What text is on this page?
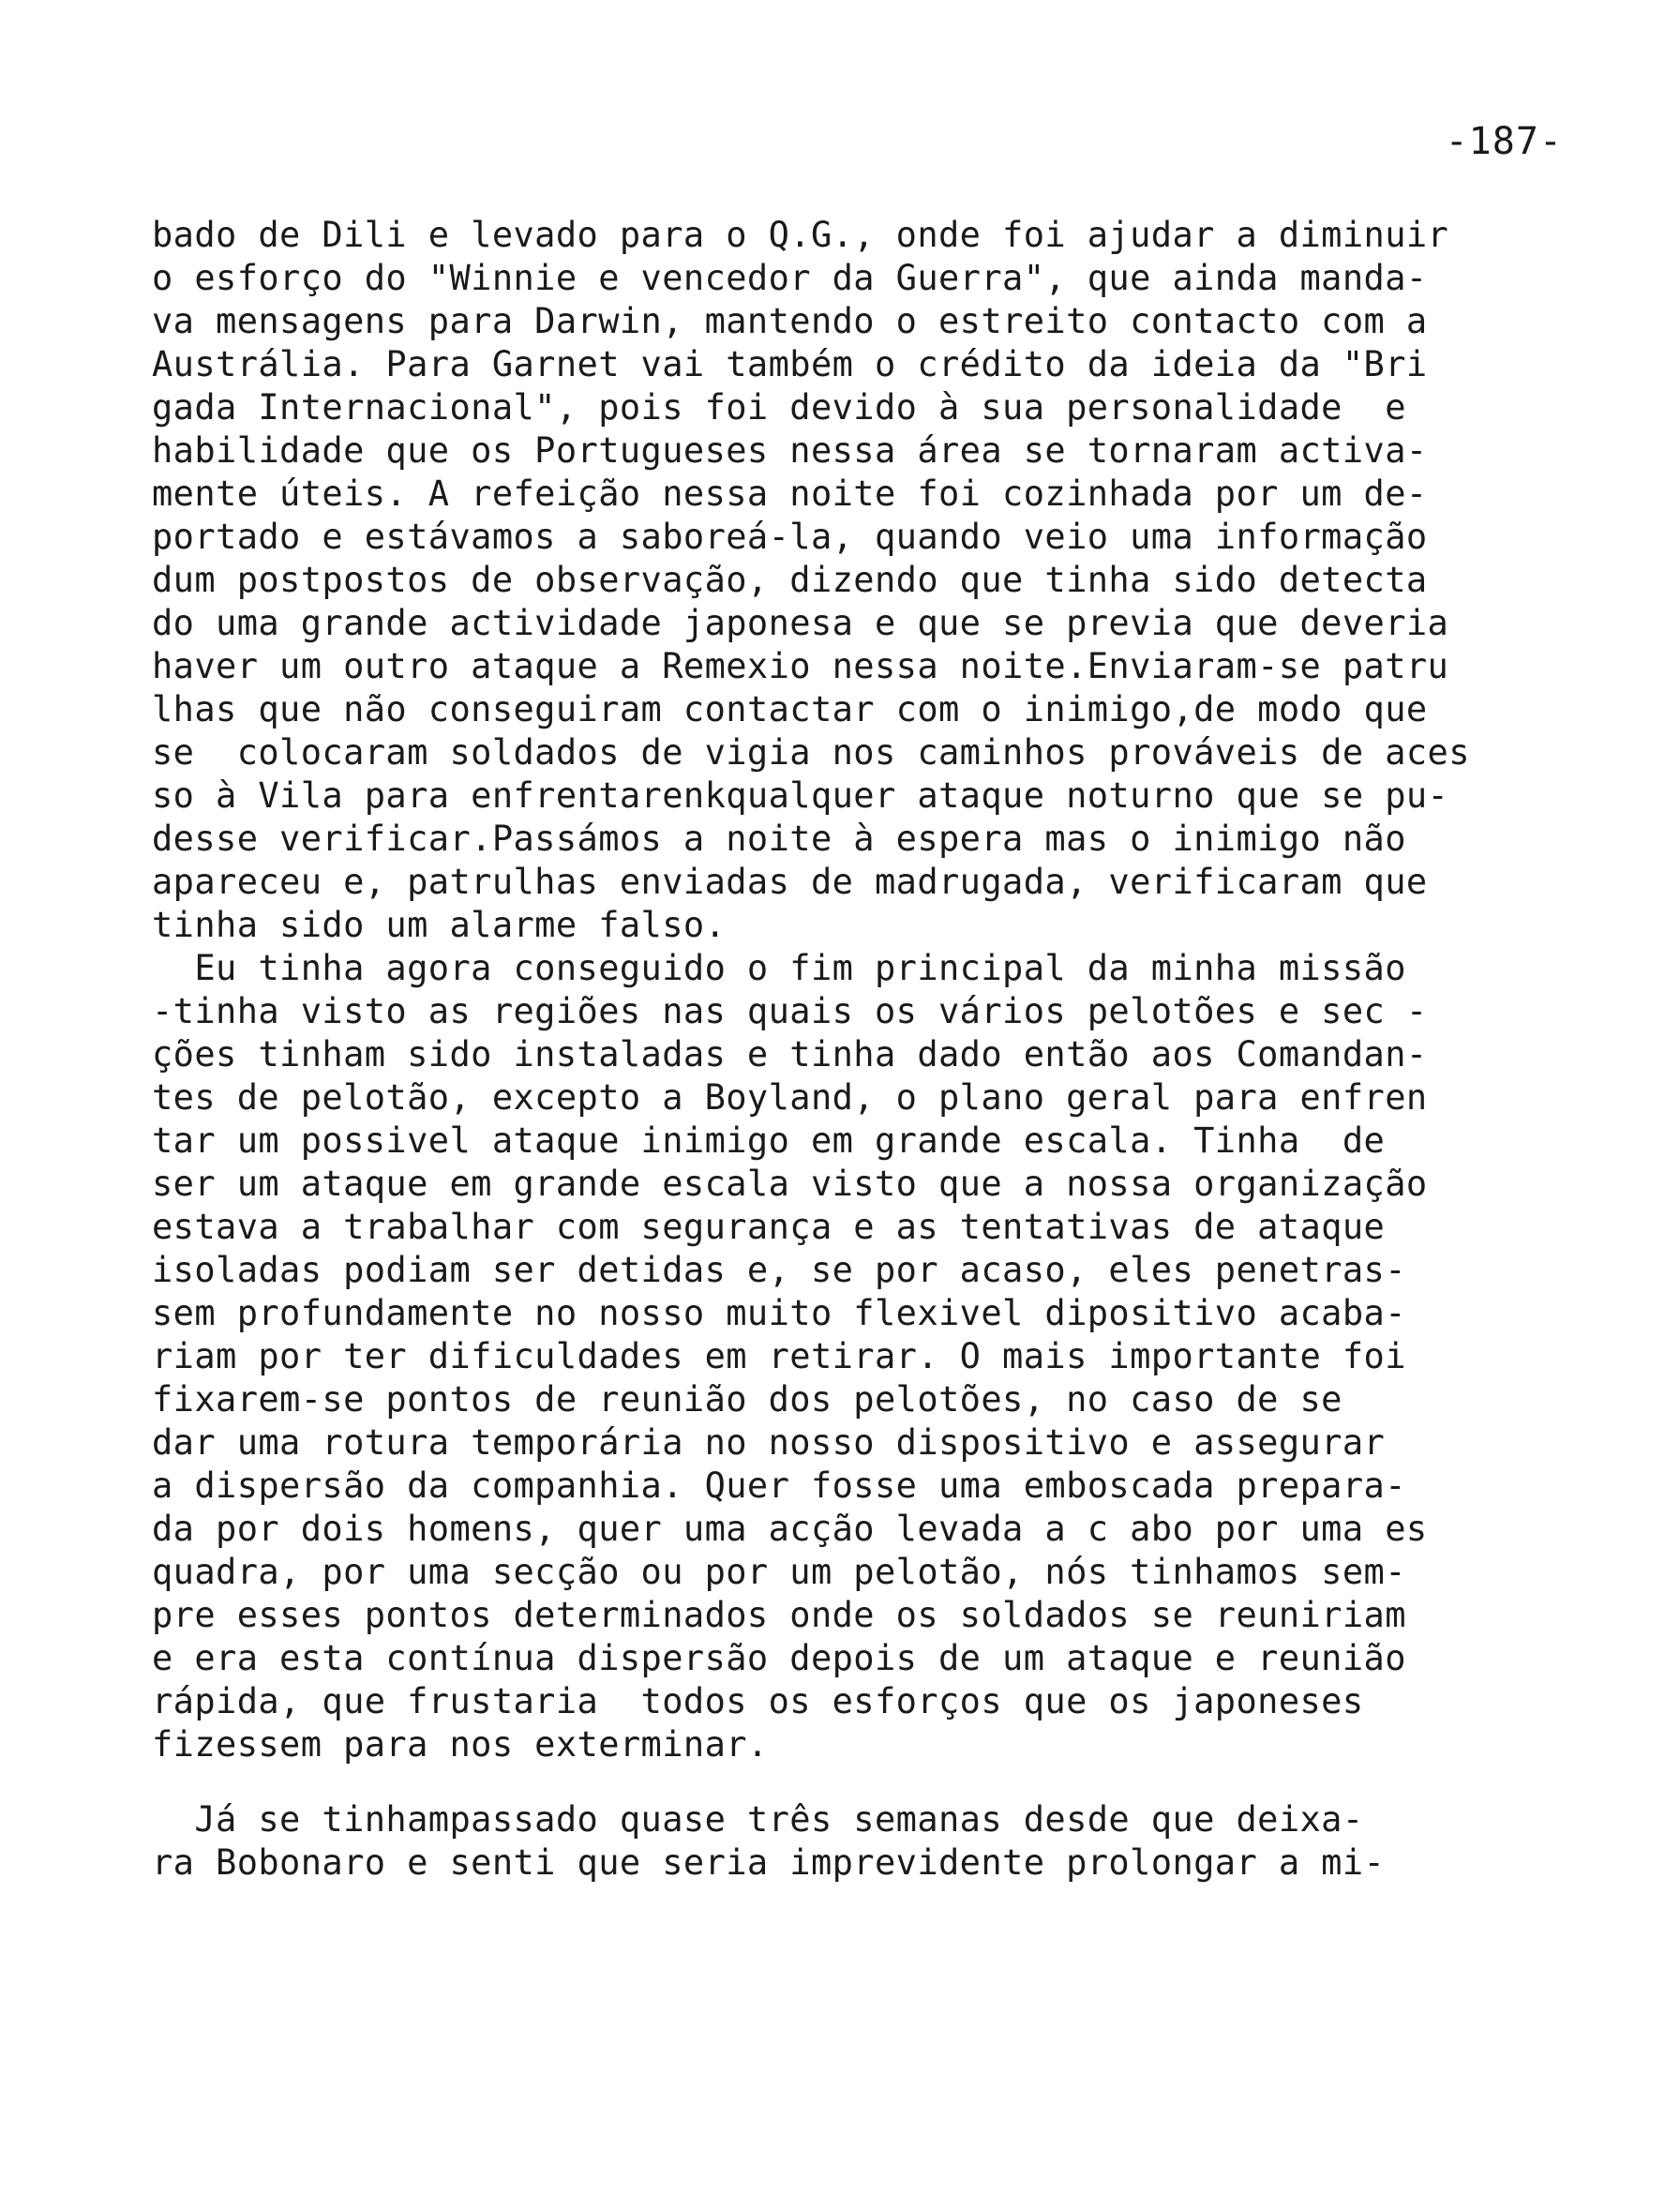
-187-
bado de Dili e levado para o Q.G., onde foi ajudar a diminuir
o esforço do "Winnie e vencedor da Guerra", que ainda manda-
va mensagens para Darwin, mantendo o estreito contacto com a
Austrália. Para Garnet vai também o crédito da ideia da "Bri
gada Internacional", pois foi devido à sua personalidade  e
habilidade que os Portugueses nessa área se tornaram activa-
mente úteis. A refeição nessa noite foi cozinhada por um de-
portado e estávamos a saboreá-la, quando veio uma informação
dum postpostos de observação, dizendo que tinha sido detecta
do uma grande actividade japonesa e que se previa que deveria
haver um outro ataque a Remexio nessa noite.Enviaram-se patru
lhas que não conseguiram contactar com o inimigo,de modo que
se  colocaram soldados de vigia nos caminhos prováveis de aces
so à Vila para enfrentarenkqualquer ataque noturno que se pu-
desse verificar.Passámos a noite à espera mas o inimigo não
apareceu e, patrulhas enviadas de madrugada, verificaram que
tinha sido um alarme falso.
Eu tinha agora conseguido o fim principal da minha missão
-tinha visto as regiões nas quais os vários pelotões e sec -
ções tinham sido instaladas e tinha dado então aos Comandan-
tes de pelotão, excepto a Boyland, o plano geral para enfren
tar um possivel ataque inimigo em grande escala. Tinha  de
ser um ataque em grande escala visto que a nossa organização
estava a trabalhar com segurança e as tentativas de ataque
isoladas podiam ser detidas e, se por acaso, eles penetras-
sem profundamente no nosso muito flexivel dipositivo acaba-
riam por ter dificuldades em retirar. O mais importante foi
fixarem-se pontos de reunião dos pelotões, no caso de se
dar uma rotura temporária no nosso dispositivo e assegurar
a dispersão da companhia. Quer fosse uma emboscada prepara-
da por dois homens, quer uma acção levada a c abo por uma es
quadra, por uma secção ou por um pelotão, nós tinhamos sem-
pre esses pontos determinados onde os soldados se reuniriam
e era esta contínua dispersão depois de um ataque e reunião
rápida, que frustaria  todos os esforços que os japoneses
fizessem para nos exterminar.
Já se tinhampassado quase três semanas desde que deixa-
ra Bobonaro e senti que seria imprevidente prolongar a mi-
